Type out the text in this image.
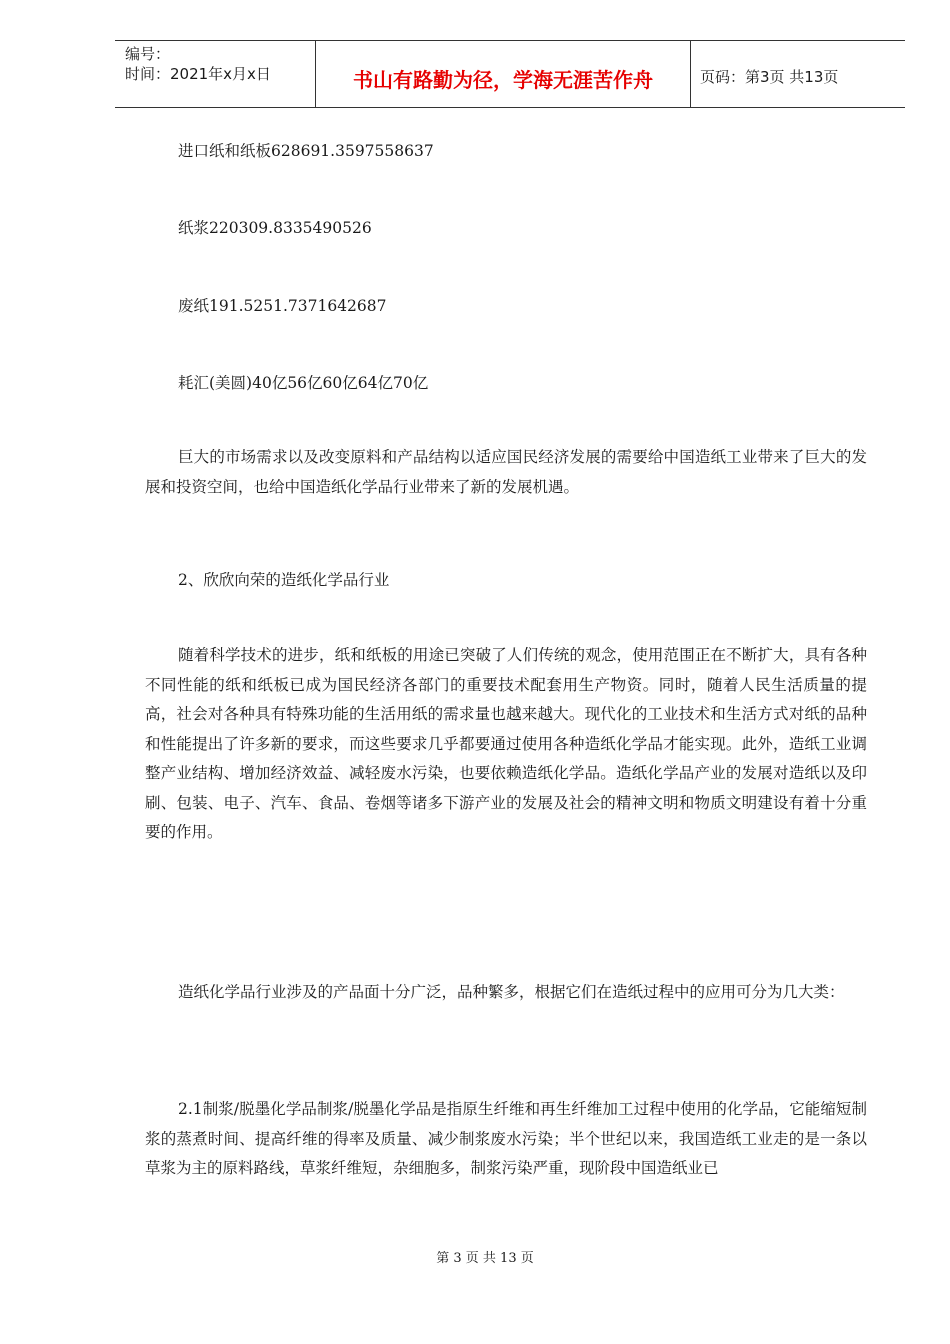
编号：
时间：2021年x月x日	书山有路勤为径，学海无涯苦作舟	页码：第3页 共13页
进口纸和纸板628691.3597558637
纸浆220309.8335490526
废纸191.5251.7371642687
耗汇(美圆)40亿56亿60亿64亿70亿
巨大的市场需求以及改变原料和产品结构以适应国民经济发展的需要给中国造纸工业带来了巨大的发展和投资空间，也给中国造纸化学品行业带来了新的发展机遇。
2、欣欣向荣的造纸化学品行业
随着科学技术的进步，纸和纸板的用途已突破了人们传统的观念，使用范围正在不断扩大，具有各种不同性能的纸和纸板已成为国民经济各部门的重要技术配套用生产物资。同时，随着人民生活质量的提高，社会对各种具有特殊功能的生活用纸的需求量也越来越大。现代化的工业技术和生活方式对纸的品种和性能提出了许多新的要求，而这些要求几乎都要通过使用各种造纸化学品才能实现。此外，造纸工业调整产业结构、增加经济效益、减轻废水污染，也要依赖造纸化学品。造纸化学品产业的发展对造纸以及印刷、包装、电子、汽车、食品、卷烟等诸多下游产业的发展及社会的精神文明和物质文明建设有着十分重要的作用。
造纸化学品行业涉及的产品面十分广泛，品种繁多，根据它们在造纸过程中的应用可分为几大类：
2.1制浆/脱墨化学品制浆/脱墨化学品是指原生纤维和再生纤维加工过程中使用的化学品，它能缩短制浆的蒸煮时间、提高纤维的得率及质量、减少制浆废水污染；半个世纪以来，我国造纸工业走的是一条以草浆为主的原料路线，草浆纤维短，杂细胞多，制浆污染严重，现阶段中国造纸业已
第 3 页 共 13 页
